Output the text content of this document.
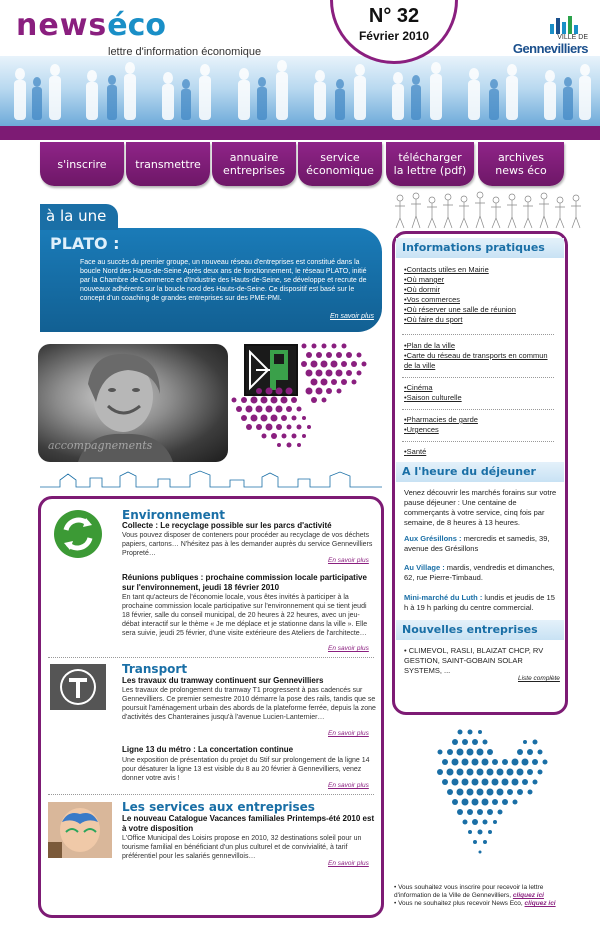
newséco
lettre d'information économique
N° 32
Février 2010	VILLE DE
Gennevilliers
s'inscrire	transmettre	annuaire
entreprises
service
économique
télécharger
la lettre (pdf)
archives
news éco
à la une
PLATO :
Face au succès du premier groupe, un nouveau réseau d'entreprises est constitué dans la boucle Nord des Hauts-de-Seine Après deux ans de fonctionnement, le réseau PLATO, initié par la Chambre de Commerce et d'Industrie des Hauts-de-Seine, se développe et recrute de nouveaux adhérents sur la boucle nord des Hauts-de-Seine. Ce dispositif est basé sur le concept d'un coaching de grandes entreprises sur des PME-PMI.
En savoir plus
accompagnements
Environnement
Collecte : Le recyclage possible sur les parcs d'activité
Vous pouvez disposer de conteners pour procéder au recyclage de vos déchets papiers, cartons… N'hésitez pas à les demander auprès du service Gennevilliers Propreté…
En savoir plus
Réunions publiques : prochaine commission locale participative sur l'environnement, jeudi 18 février 2010
En tant qu'acteurs de l'économie locale, vous êtes invités à participer à la prochaine commission locale participative sur l'environnement qui se tient jeudi 18 février, salle du conseil municipal, de 20 heures à 22 heures, avec un jeu-débat interactif sur le thème « Je me déplace et je stationne dans la ville ». Elle sera suivie, jeudi 25 février, d'une visite extérieure des Ateliers de l'architecte…
En savoir plus
Transport
Les travaux du tramway continuent sur Gennevilliers
Les travaux de prolongement du tramway T1 progressent à pas cadencés sur Gennevilliers. Ce premier semestre 2010 démarre la pose des rails, tandis que se poursuit l'aménagement urbain des abords de la plateforme ferrée, depuis la zone d'activités des Chanteraines jusqu'à l'avenue Lucien-Lanternier…
En savoir plus
Ligne 13 du métro : La concertation continue
Une exposition de présentation du projet du Stif sur prolongement de la ligne 14 pour désaturer la ligne 13 est visible du 8 au 20 février à Gennevilliers, venez donner votre avis !
En savoir plus
Les services aux entreprises
Le nouveau Catalogue Vacances familiales Printemps-été 2010 est à votre disposition
L'Office Municipal des Loisirs propose en 2010, 32 destinations soleil pour un tourisme familial en bénéficiant d'un plus culturel et de convivialité, à tarif préférentiel pour les salariés gennevillois…
En savoir plus
Informations pratiques
• Contacts utiles en Mairie
• Où manger
• Où dormir
• Vos commerces
• Où réserver une salle de réunion
• Où faire du sport
• Plan de la ville
• Carte du réseau de transports en commun de la ville
• Cinéma
• Saison culturelle
• Pharmacies de garde
• Urgences
• Santé
A l'heure du déjeuner
Venez découvrir les marchés forains sur votre pause déjeuner : Une centaine de commerçants à votre service, cinq fois par semaine, de 8 heures à 13 heures.
Aux Grésillons : mercredis et samedis, 39, avenue des Grésillons
Au Village : mardis, vendredis et dimanches, 62, rue Pierre-Timbaud.
Mini-marché du Luth : lundis et jeudis de 15 h à 19 h parking du centre commercial.
Nouvelles entreprises
• CLIMEVOL, RASLI, BLAIZAT CHCP, RV GESTION, SAINT-GOBAIN SOLAR SYSTEMS, ...
Liste complète
• Vous souhaitez vous inscrire pour recevoir la lettre d'information de la Ville de Gennevilliers, cliquez ici
• Vous ne souhaitez plus recevoir News Eco, cliquez ici
